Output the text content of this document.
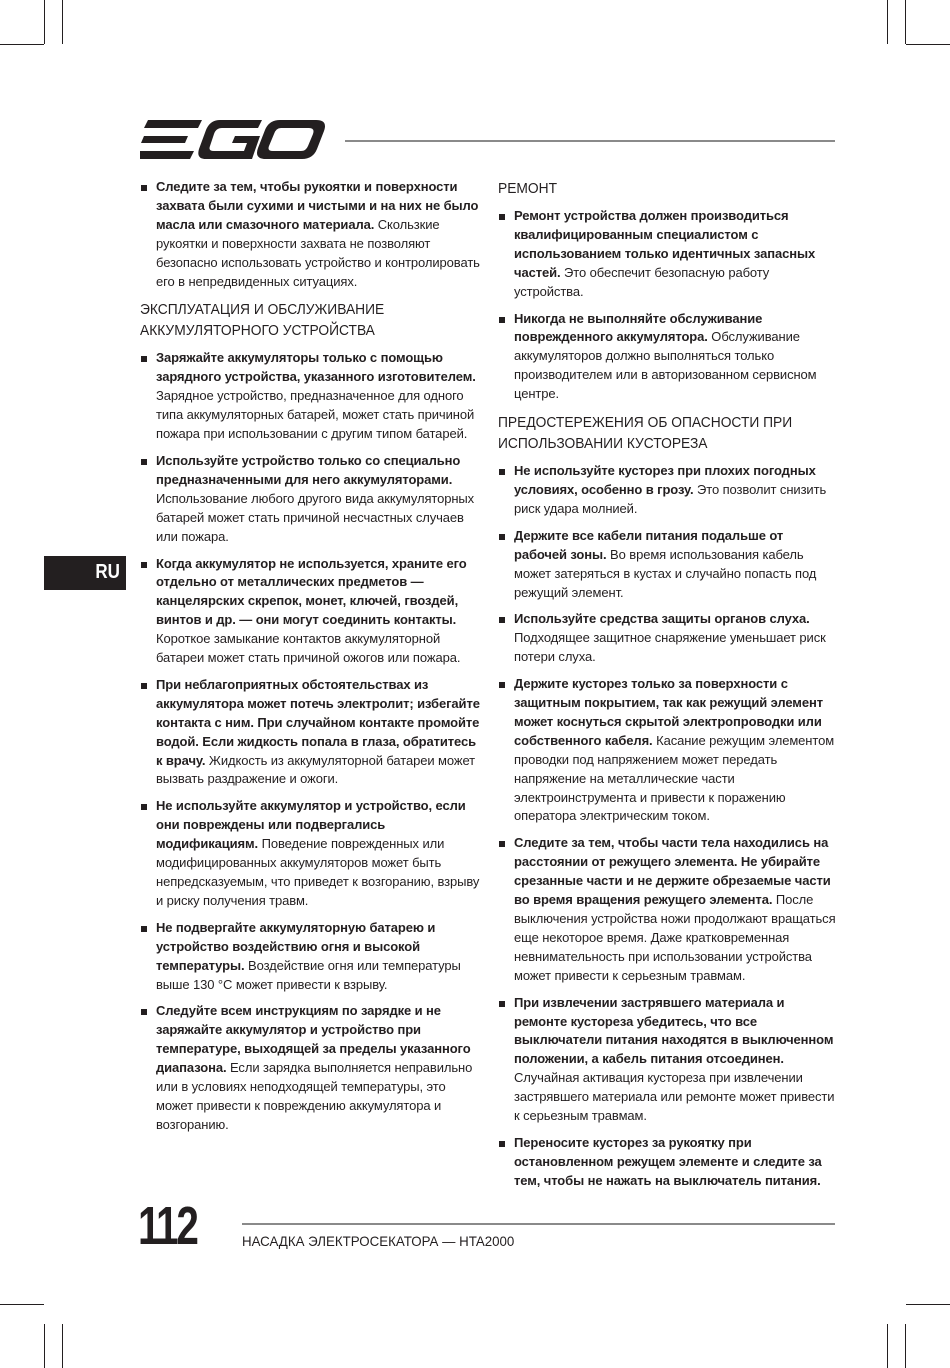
RU
Следите за тем, чтобы рукоятки и поверхности захвата были сухими и чистыми и на них не было масла или смазочного материала. Скользкие рукоятки и поверхности захвата не позволяют безопасно использовать устройство и контролировать его в непредвиденных ситуациях.
ЭКСПЛУАТАЦИЯ И ОБСЛУЖИВАНИЕ АККУМУЛЯТОРНОГО УСТРОЙСТВА
Заряжайте аккумуляторы только с помощью зарядного устройства, указанного изготовителем. Зарядное устройство, предназначенное для одного типа аккумуляторных батарей, может стать причиной пожара при использовании с другим типом батарей.
Используйте устройство только со специально предназначенными для него аккумуляторами. Использование любого другого вида аккумуляторных батарей может стать причиной несчастных случаев или пожара.
Когда аккумулятор не используется, храните его отдельно от металлических предметов — канцелярских скрепок, монет, ключей, гвоздей, винтов и др. — они могут соединить контакты. Короткое замыкание контактов аккумуляторной батареи может стать причиной ожогов или пожара.
При неблагоприятных обстоятельствах из аккумулятора может потечь электролит; избегайте контакта с ним. При случайном контакте промойте водой. Если жидкость попала в глаза, обратитесь к врачу. Жидкость из аккумуляторной батареи может вызвать раздражение и ожоги.
Не используйте аккумулятор и устройство, если они повреждены или подвергались модификациям. Поведение поврежденных или модифицированных аккумуляторов может быть непредсказуемым, что приведет к возгоранию, взрыву и риску получения травм.
Не подвергайте аккумуляторную батарею и устройство воздействию огня и высокой температуры. Воздействие огня или температуры выше 130 °C может привести к взрыву.
Следуйте всем инструкциям по зарядке и не заряжайте аккумулятор и устройство при температуре, выходящей за пределы указанного диапазона. Если зарядка выполняется неправильно или в условиях неподходящей температуры, это может привести к повреждению аккумулятора и возгоранию.
РЕМОНТ
Ремонт устройства должен производиться квалифицированным специалистом с использованием только идентичных запасных частей. Это обеспечит безопасную работу устройства.
Никогда не выполняйте обслуживание поврежденного аккумулятора. Обслуживание аккумуляторов должно выполняться только производителем или в авторизованном сервисном центре.
ПРЕДОСТЕРЕЖЕНИЯ ОБ ОПАСНОСТИ ПРИ ИСПОЛЬЗОВАНИИ КУСТОРЕЗА
Не используйте кусторез при плохих погодных условиях, особенно в грозу. Это позволит снизить риск удара молнией.
Держите все кабели питания подальше от рабочей зоны. Во время использования кабель может затеряться в кустах и случайно попасть под режущий элемент.
Используйте средства защиты органов слуха. Подходящее защитное снаряжение уменьшает риск потери слуха.
Держите кусторез только за поверхности с защитным покрытием, так как режущий элемент может коснуться скрытой электропроводки или собственного кабеля. Касание режущим элементом проводки под напряжением может передать напряжение на металлические части электроинструмента и привести к поражению оператора электрическим током.
Следите за тем, чтобы части тела находились на расстоянии от режущего элемента. Не убирайте срезанные части и не держите обрезаемые части во время вращения режущего элемента. После выключения устройства ножи продолжают вращаться еще некоторое время. Даже кратковременная невнимательность при использовании устройства может привести к серьезным травмам.
При извлечении застрявшего материала и ремонте кустореза убедитесь, что все выключатели питания находятся в выключенном положении, а кабель питания отсоединен. Случайная активация кустореза при извлечении застрявшего материала или ремонте может привести к серьезным травмам.
Переносите кусторез за рукоятку при остановленном режущем элементе и следите за тем, чтобы не нажать на выключатель питания.
112	НАСАДКА ЭЛЕКТРОСЕКАТОРА — HTA2000
